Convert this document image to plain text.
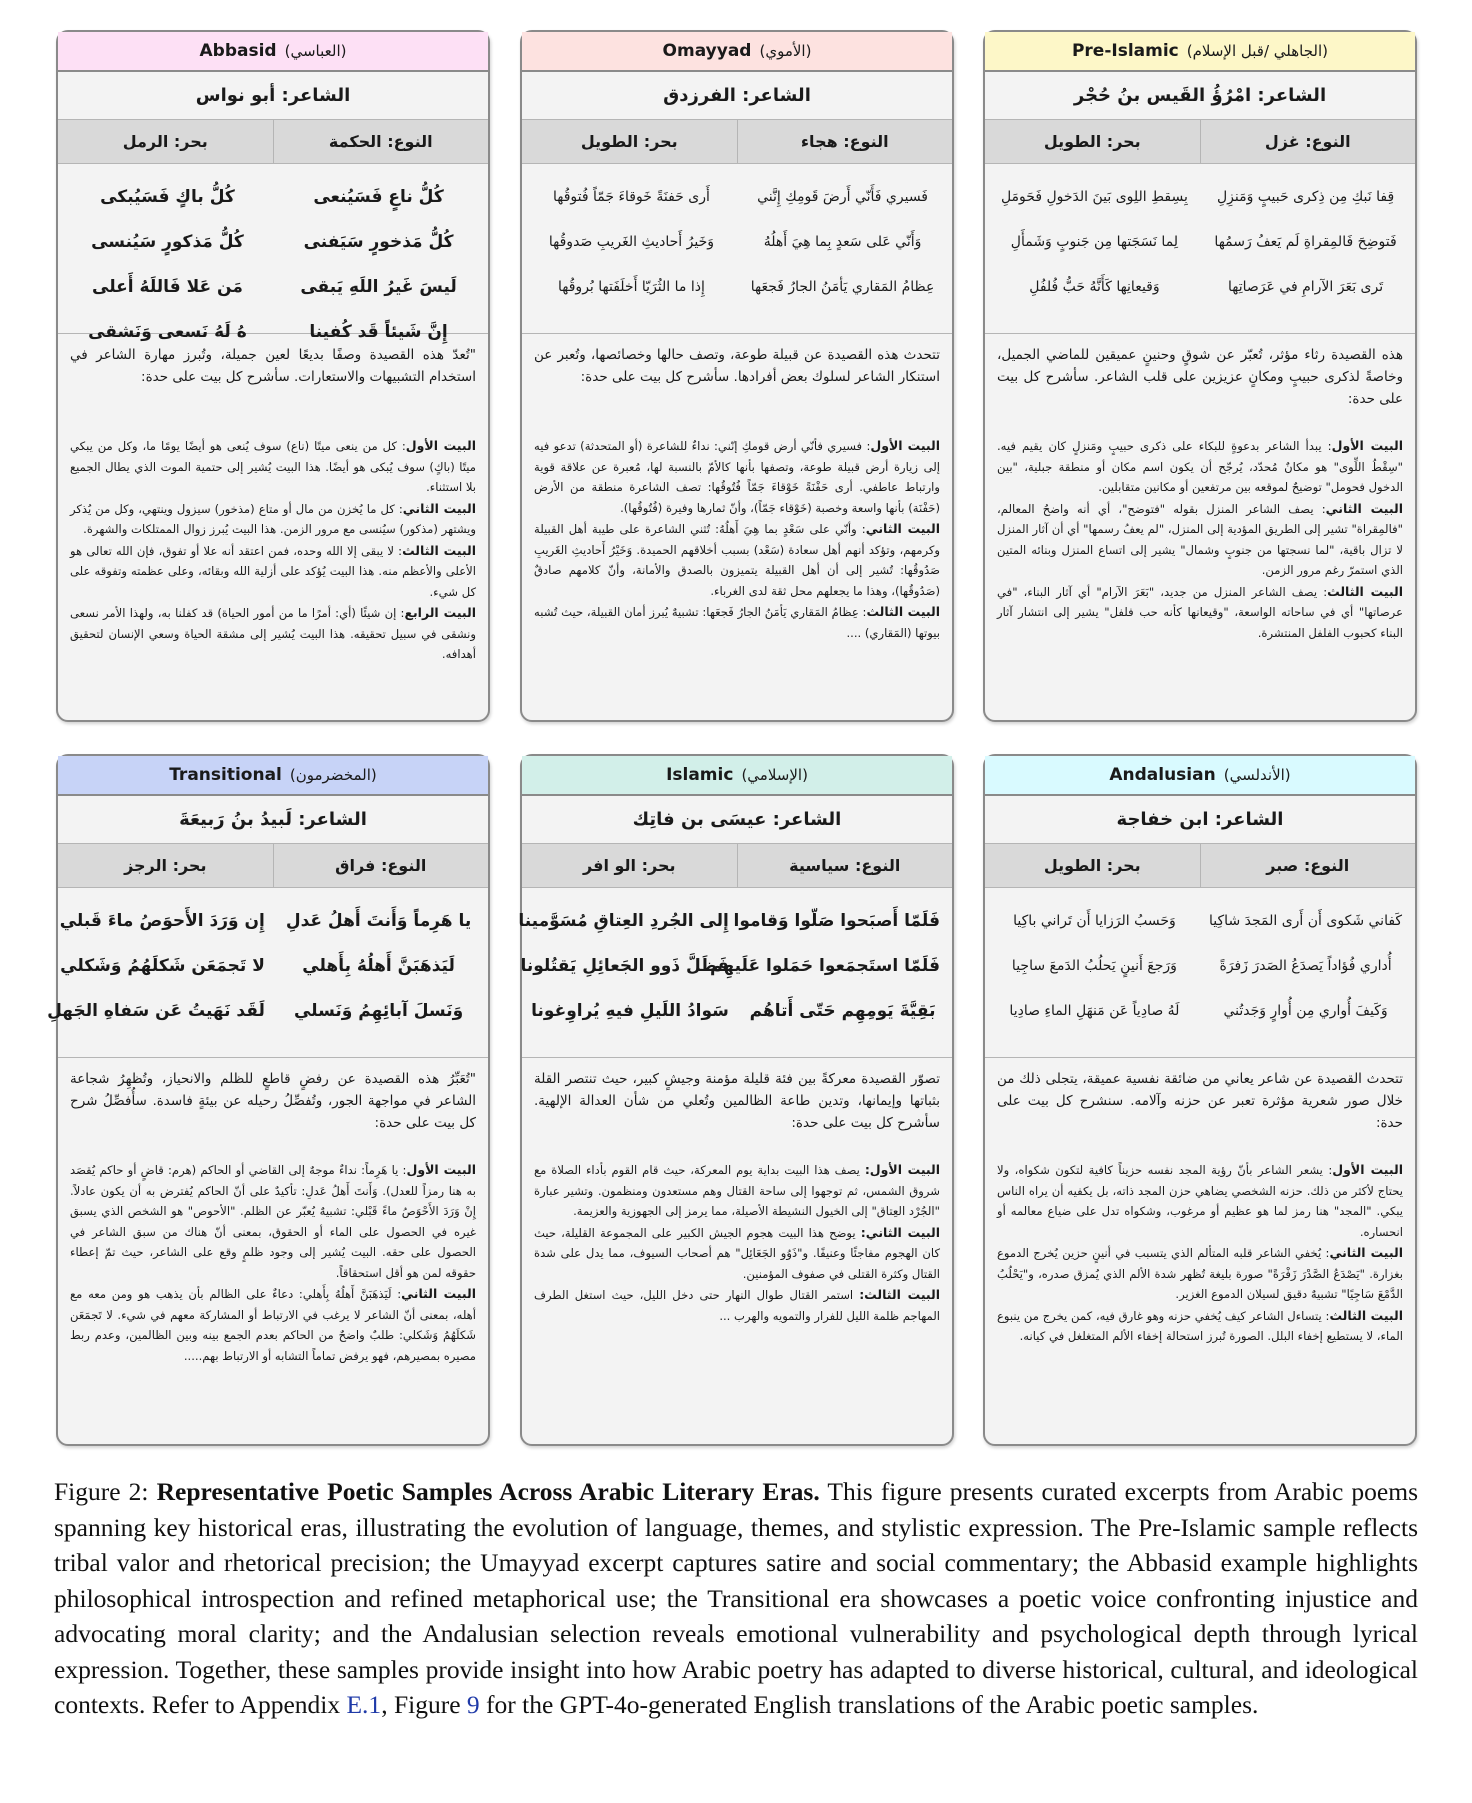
Abbasid (العباسي)
الشاعر: أبو نواس
النوع: الحكمة
بحر: الرمل
كُلُّ ناعٍ فَسَيُنعى
كُلُّ باكٍ فَسَيُبكى
كُلُّ مَذخورٍ سَيَفنى
كُلُّ مَذكورٍ سَيُنسى
لَيسَ غَيرُ اللَهِ يَبقى
مَن عَلا فَاللَهُ أَعلى
إِنَّ شَيئاً قَد كُفينا
هُ لَهُ نَسعى وَنَشقى
"تُعدّ هذه القصيدة وصفًا بديعًا لعين جميلة، وتُبرز مهارة الشاعر في استخدام التشبيهات والاستعارات. سأشرح كل بيت على حدة:

البيت الأول: كل من ينعى ميتًا (ناع) سوف يُنعى هو أيضًا يومًا ما، وكل من يبكي ميتًا (باكٍ) سوف يُبكى هو أيضًا. هذا البيت يُشير إلى حتمية الموت الذي يطال الجميع بلا استثناء.

البيت الثاني: كل ما يُخزن من مال أو متاع (مذخور) سيزول وينتهي، وكل من يُذكر ويشتهر (مذكور) سيُنسى مع مرور الزمن. هذا البيت يُبرز زوال الممتلكات والشهرة.

البيت الثالث: لا يبقى إلا الله وحده، فمن اعتقد أنه علا أو تفوق، فإن الله تعالى هو الأعلى والأعظم منه. هذا البيت يُؤكد على أزلية الله وبقائه، وعلى عظمته وتفوقه على كل شيء.

البيت الرابع: إن شيئًا (أي: أمرًا ما من أمور الحياة) قد كفلنا به، ولهذا الأمر نسعى ونشقى في سبيل تحقيقه. هذا البيت يُشير إلى مشقة الحياة وسعي الإنسان لتحقيق أهدافه.

Omayyad (الأموي)
الشاعر: الفرزدق
النوع: هجاء
بحر: الطويل
فَسيري فَأَنّي أَرضَ قَومِكِ إِنَّني
أَرى حَفنَةً خَوقاءَ جَمّاً فُتوقُها
وَأَنّي عَلى سَعدٍ بِما هِيَ أَهلُهُ
وَخَيرُ أَحاديثِ الغَريبِ صَدوقُها
عِظامُ المَقاري يَأمَنُ الجارُ فَجعَها
إِذا ما الثُرَيّا أَخلَفَتها بُروقُها
تتحدث هذه القصيدة عن قبيلة طوعة، وتصف حالها وخصائصها، وتُعبر عن استنكار الشاعر لسلوك بعض أفرادها. سأشرح كل بيت على حدة:

البيت الأول: فسيري فأنّي أرض قومكِ إنّني: نداءٌ للشاعرة (أو المتحدثة) تدعو فيه إلى زيارة أرض قبيلة طوعة، وتصفها بأنها كالأمّ بالنسبة لها، مُعبرة عن علاقة قوية وارتباط عاطفي. أرى حَفْنَةً خَوْقاءَ جَمّاً فُتُوقُها: تصف الشاعرة منطقة من الأرض (حَفْنَة) بأنها واسعة وخصبة (خَوْقاء جَمّاً)، وأنّ ثمارها وفيرة (فُتُوقُها).

البيت الثاني: وأنّي على سَعْدٍ بما هِيَ أَهلُهُ: تُثني الشاعرة على طيبة أهل القبيلة وكرمهم، وتؤكد أنهم أهل سعادة (سَعْد) بسبب أخلاقهم الحميدة. وَخَيْرُ أَحاديثِ الغَريبِ صَدُوقُها: تُشير إلى أن أهل القبيلة يتميزون بالصدق والأمانة، وأنّ كلامهم صادقٌ (صَدُوقُها)، وهذا ما يجعلهم محل ثقة لدى الغرباء.

البيت الثالث: عِظامُ المَقاري يَأمَنُ الجارُ فَجعَها: تشبيهٌ يُبرز أمان القبيلة، حيث تُشبه بيوتها (المَقاري) ....

Pre-Islamic (الجاهلي /قبل الإسلام)
الشاعر: امْرُؤُ القَيس بنُ حُجْر
النوع: غزل
بحر: الطويل
قِفا نَبكِ مِن ذِكرى حَبيبٍ وَمَنزِلِ
بِسِقطِ اللِوى بَينَ الدَخولِ فَحَومَلِ
فَتوضِحَ فَالمِقراةِ لَم يَعفُ رَسمُها
لِما نَسَجَتها مِن جَنوبٍ وَشَمأَلِ
تَرى بَعَرَ الآرامِ في عَرَصاتِها
وَقيعانِها كَأَنَّهُ حَبُّ فُلفُلِ
هذه القصيدة رثاء مؤثر، تُعبّر عن شوقٍ وحنينٍ عميقين للماضي الجميل، وخاصةً لذكرى حبيبٍ ومكانٍ عزيزين على قلب الشاعر. سأشرح كل بيت على حدة:

البيت الأول: يبدأ الشاعر بدعوةٍ للبكاء على ذكرى حبيبٍ ومَنزلٍ كان يقيم فيه. "سِقْطُ اللِّوى" هو مكانٌ مُحدّد، يُرجّح أن يكون اسم مكان أو منطقة جبلية، "بين الدخول فحومل" توضيحٌ لموقعه بين مرتفعين أو مكانين متقابلين.

البيت الثاني: يصف الشاعر المنزل بقوله "فتوضح"، أي أنه واضحُ المعالم، "فالمِقراة" تشير إلى الطريق المؤدية إلى المنزل، "لم يعفُ رسمها" أي أن آثار المنزل لا تزال باقية، "لما نسجتها من جنوبٍ وشمال" يشير إلى اتساع المنزل وبنائه المتين الذي استمرّ رغم مرور الزمن.

البيت الثالث: يصف الشاعر المنزل من جديد، "بَعَرَ الآرام" أي آثار البناء، "في عرصاتها" أي في ساحاته الواسعة، "وقيعانها كأنه حب فلفل" يشير إلى انتشار آثار البناء كحبوب الفلفل المنتشرة.

Transitional (المخضرمون)
الشاعر: لَبيدُ بنُ رَبيعَةَ
النوع: فراق
بحر: الرجز
يا هَرِماً وَأَنتَ أَهلُ عَدلِ
إِن وَرَدَ الأَحوَصُ ماءَ قَبلي
لَيَذهَبَنَّ أَهلُهُ بِأَهلي
لا تَجمَعَن شَكلَهُمُ وَشَكلي
وَنَسلَ آبائِهِمُ وَنَسلي
لَقَد نَهَيتُ عَن سَفاهِ الجَهلِ
"تُعَبِّرُ هذه القصيدة عن رفضٍ قاطعٍ للظلم والانحياز، وتُظهِرُ شجاعة الشاعر في مواجهة الجور، وتُفصِّلُ رحيله عن بيئةٍ فاسدة. سأُفصِّلُ شرح كل بيت على حدة:

البيت الأول: يا هَرِماً: نداءٌ موجهٌ إلى القاضي أو الحاكم (هرم: قاضٍ أو حاكم يُقصَد به هنا رمزاً للعدل). وَأَنتَ أَهلُ عَدلِ: تأكيدٌ على أنّ الحاكم يُفترض به أن يكون عادلاً. إِنْ وَرَدَ الأَحْوَصُ ماءً قَبْلي: تشبيهٌ يُعبّر عن الظلم. "الأحوص" هو الشخص الذي يسبق غيره في الحصول على الماء أو الحقوق، بمعنى أنّ هناك من سبق الشاعر في الحصول على حقه. البيت يُشير إلى وجود ظلمٍ وقع على الشاعر، حيث تمّ إعطاء حقوقه لمن هو أقل استحقاقاً.

البيت الثاني: لَيَذهَبَنَّ أَهلُهُ بِأَهلي: دعاءٌ على الظالم بأن يذهب هو ومن معه مع أهله، بمعنى أنّ الشاعر لا يرغب في الارتباط أو المشاركة معهم في شيء. لا تَجمَعَن شَكلَهُمُ وَشَكلي: طلبٌ واضحٌ من الحاكم بعدم الجمع بينه وبين الظالمين، وعدم ربط مصيره بمصيرهم، فهو يرفض تماماً التشابه أو الارتباط بهم.....

Islamic (الإسلامي)
الشاعر: عيسَى بن فاتِك
النوع: سياسية
بحر: الو افر
فَلَمّا أَصبَحوا صَلّوا وَقاموا
إِلى الجُردِ العِتاقِ مُسَوَّمينا
فَلَمّا استَجمَعوا حَمَلوا عَلَيهِم
فَظَلَّ ذَوو الجَعائِلِ يَقتُلونا
بَقِيَّةَ يَومِهِم حَتّى أَتاهُم
سَوادُ اللَيلِ فيهِ يُراوِغونا
تصوّر القصيدة معركةً بين فئة قليلة مؤمنة وجيشٍ كبير، حيث تنتصر القلة بثباتها وإيمانها، وتدين طاعة الظالمين وتُعلي من شأن العدالة الإلهية. سأشرح كل بيت على حدة:

البيت الأول: يصف هذا البيت بداية يوم المعركة، حيث قام القوم بأداء الصلاة مع شروق الشمس، ثم توجهوا إلى ساحة القتال وهم مستعدون ومنظمون. وتشير عبارة "الجُرْد العِتاق" إلى الخيول النشيطة الأصيلة، مما يرمز إلى الجهوزية والعزيمة.

البيت الثاني: يوضح هذا البيت هجوم الجيش الكبير على المجموعة القليلة، حيث كان الهجوم مفاجئًا وعنيفًا. و"ذَوُو الجَعَائِل" هم أصحاب السيوف، مما يدل على شدة القتال وكثرة القتلى في صفوف المؤمنين.

البيت الثالث: استمر القتال طوال النهار حتى دخل الليل، حيث استغل الطرف المهاجم ظلمة الليل للفرار والتمويه والهرب ...

Andalusian (الأندلسي)
الشاعر: ابن خفاجة
النوع: صبر
بحر: الطويل
كَفاني شَكوى أَن أَرى المَجدَ شاكِيا
وَحَسبُ الرَزايا أَن تَراني باكِيا
أُداري فُؤاداً يَصدَعُ الصَدرَ زَفرَةً
وَرَجعَ أَنينٍ يَحلُبُ الدَمعَ ساجِيا
وَكَيفَ أُواري مِن أُوارٍ وَجَدتُني
لَهُ صادِياً عَن مَنهَلِ الماءِ صادِيا
تتحدث القصيدة عن شاعر يعاني من ضائقة نفسية عميقة، يتجلى ذلك من خلال صور شعرية مؤثرة تعبر عن حزنه وآلامه. سنشرح كل بيت على حدة:

البيت الأول: يشعر الشاعر بأنّ رؤية المجد نفسه حزيناً كافية لتكون شكواه، ولا يحتاج لأكثر من ذلك. حزنه الشخصي يضاهي حزن المجد ذاته، بل يكفيه أن يراه الناس يبكي. "المجد" هنا رمز لما هو عظيم أو مرغوب، وشكواه تدل على ضياع معالمه أو انحساره.

البيت الثاني: يُخفي الشاعر قلبه المتألم الذي يتسبب في أنينٍ حزين يُخرج الدموع بغزارة. "يَصْدَعُ الصَّدْرَ زَفْرَةً" صورة بليغة تُظهر شدة الألم الذي يُمزق صدره، و"يَحْلُبُ الدَّمْعَ سَاجِيًا" تشبيهٌ دقيق لسيلان الدموع الغزير.

البيت الثالث: يتساءل الشاعر كيف يُخفي حزنه وهو غارق فيه، كمن يخرج من ينبوع الماء، لا يستطيع إخفاء البلل. الصورة تُبرز استحالة إخفاء الألم المتغلغل في كيانه.

Figure 2: Representative Poetic Samples Across Arabic Literary Eras. This figure presents curated excerpts from Arabic poems spanning key historical eras, illustrating the evolution of language, themes, and stylistic expression. The Pre-Islamic sample reflects tribal valor and rhetorical precision; the Umayyad excerpt captures satire and social commentary; the Abbasid example highlights philosophical introspection and refined metaphorical use; the Transitional era showcases a poetic voice confronting injustice and advocating moral clarity; and the Andalusian selection reveals emotional vulnerability and psychological depth through lyrical expression. Together, these samples provide insight into how Arabic poetry has adapted to diverse historical, cultural, and ideological contexts. Refer to Appendix E.1, Figure 9 for the GPT-4o-generated English translations of the Arabic poetic samples.
